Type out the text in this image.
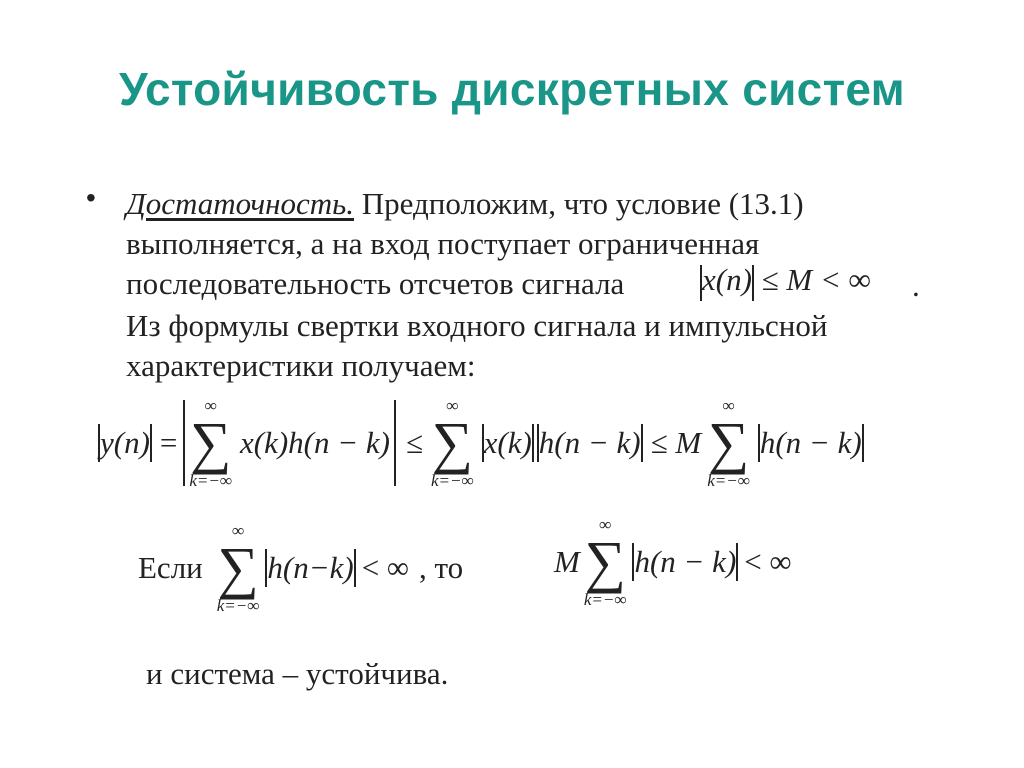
Устойчивость дискретных систем
• Достаточность. Предположим, что условие (13.1)
выполняется, а на вход поступает ограниченная
последовательность отсчетов сигнала	x(n) ≤ M < ∞ .
Из формулы свертки входного сигнала и импульсной
характеристики получаем:
y(n) =
∞
∑
k=−∞
x(k)h(n − k) ≤
∞
∑
k=−∞
x(k) h(n − k) ≤ M
∞
∑
k=−∞
h(n − k)
Если
∞
∑
k=−∞
h(n−k) < ∞ , то	M
∞
∑
k=−∞
h(n − k) < ∞
и система – устойчива.
